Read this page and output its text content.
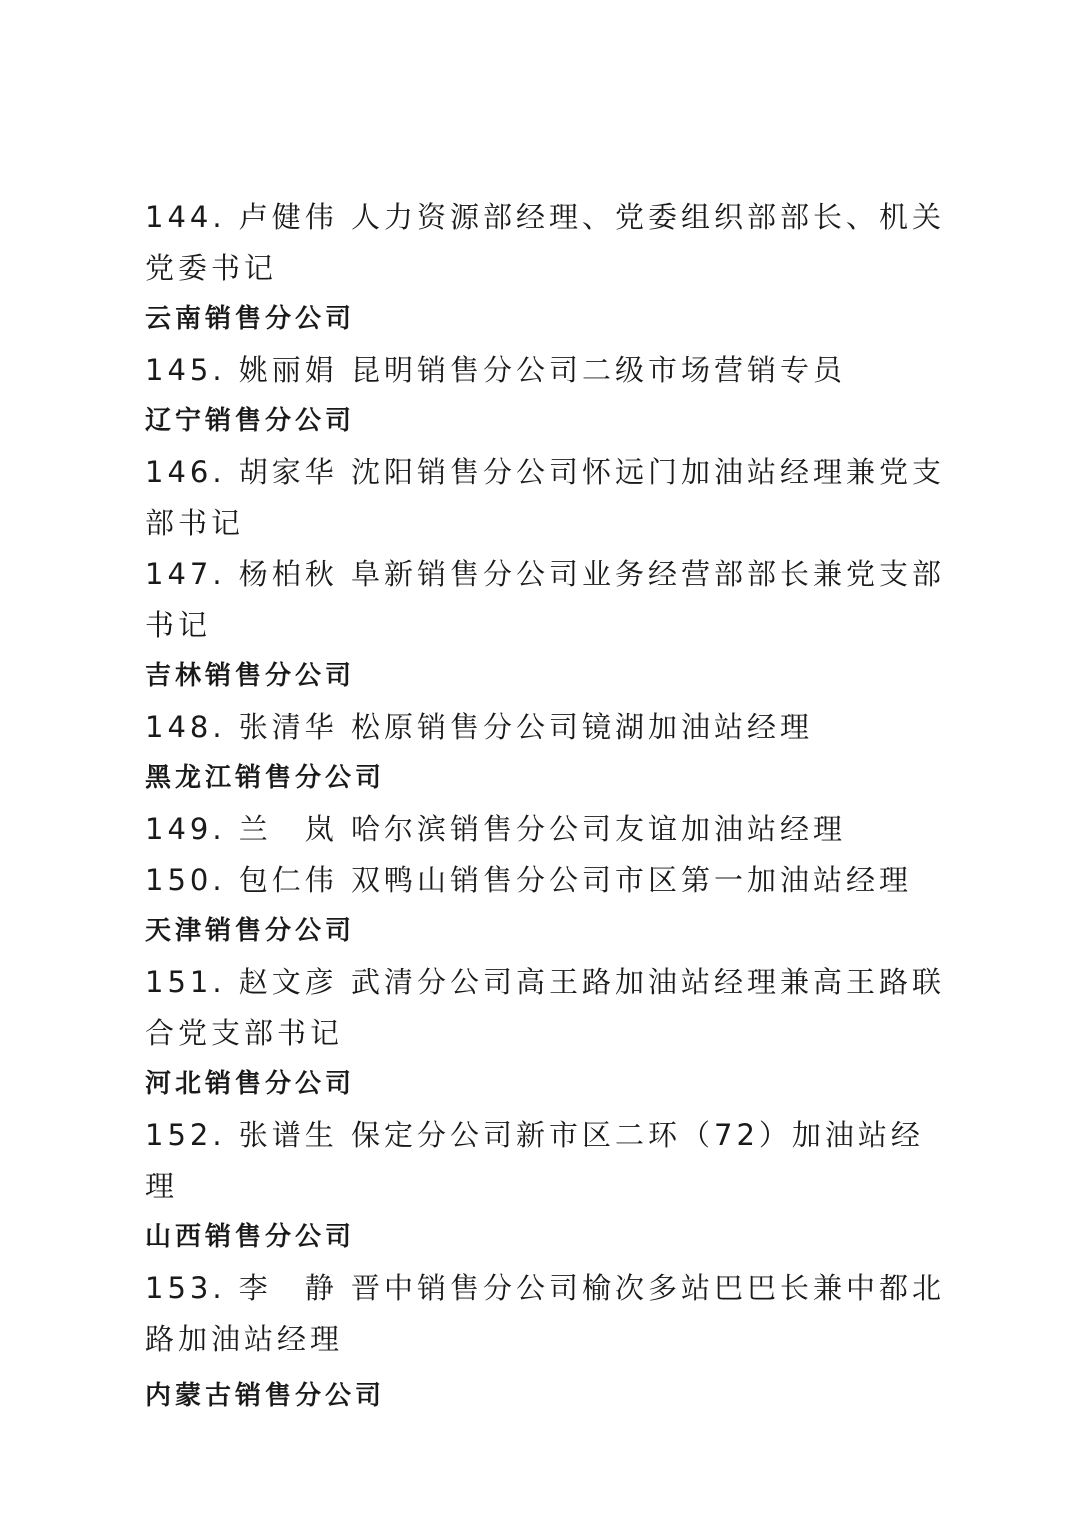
144. 卢健伟 人力资源部经理、党委组织部部长、机关党委书记

云南销售分公司

145. 姚丽娟 昆明销售分公司二级市场营销专员

辽宁销售分公司

146. 胡家华 沈阳销售分公司怀远门加油站经理兼党支部书记

147. 杨柏秋 阜新销售分公司业务经营部部长兼党支部书记

吉林销售分公司

148. 张清华 松原销售分公司镜湖加油站经理

黑龙江销售分公司

149. 兰　岚 哈尔滨销售分公司友谊加油站经理

150. 包仁伟 双鸭山销售分公司市区第一加油站经理

天津销售分公司

151. 赵文彦 武清分公司高王路加油站经理兼高王路联合党支部书记

河北销售分公司

152. 张谱生 保定分公司新市区二环（72）加油站经理

山西销售分公司

153. 李　静 晋中销售分公司榆次多站巴巴长兼中都北路加油站经理

内蒙古销售分公司
